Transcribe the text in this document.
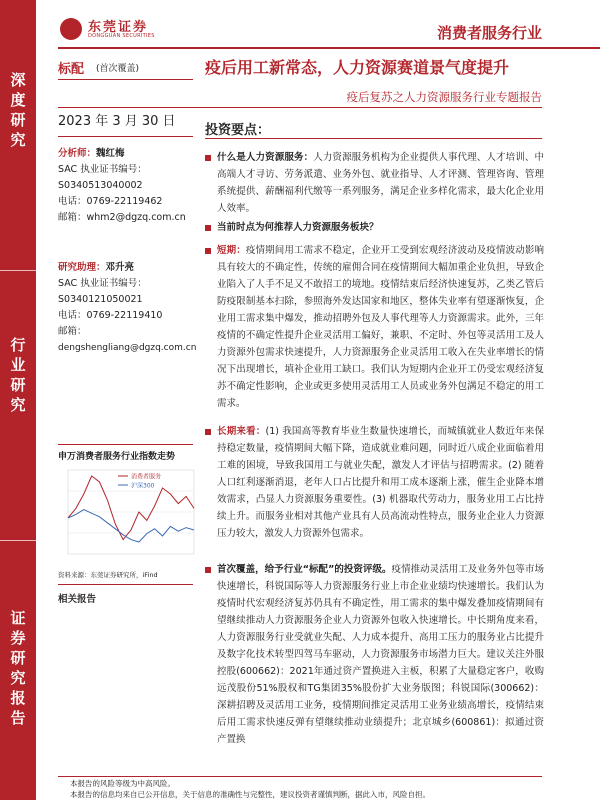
深
度
研
究
行
业
研
究
证
券
研
究
报
告
东莞证券
DONGGUAN SECURITIES	消费者服务行业
标配 (首次覆盖)	疫后用工新常态，人力资源赛道景气度提升
疫后复苏之人力资源服务行业专题报告
2023 年 3 月 30 日
分析师：魏红梅
SAC 执业证书编号：
S0340513040002
电话：0769-22119462
邮箱：whm2@dgzq.com.cn
研究助理：邓升亮
SAC 执业证书编号：
S0340121050021
电话：0769-22119410
邮箱：
dengshengliang@dgzq.com.cn
申万消费者服务行业指数走势
消费者服务
沪深300
资料来源：东莞证券研究所，iFind
相关报告
投资要点：
什么是人力资源服务：人力资源服务机构为企业提供人事代理、人才培训、中高端人才寻访、劳务派遣、业务外包、就业指导、人才评测、管理咨询、管理系统提供、薪酬福利代缴等一系列服务，满足企业多样化需求，最大化企业用人效率。
当前时点为何推荐人力资源服务板块？
短期：疫情期间用工需求不稳定，企业开工受到宏观经济波动及疫情波动影响具有较大的不确定性，传统的雇佣合同在疫情期间大幅加重企业负担，导致企业陷入了人手不足又不敢招工的境地。疫情结束后经济快速复苏，乙类乙管后防疫限制基本扫除，参照海外发达国家和地区，整体失业率有望逐渐恢复，企业用工需求集中爆发，推动招聘外包及人事代理等人力资源需求。此外，三年疫情的不确定性提升企业灵活用工偏好，兼职、不定时、外包等灵活用工及人力资源外包需求快速提升，人力资源服务企业灵活用工收入在失业率增长的情况下出现增长，填补企业用工缺口。我们认为短期内企业开工仍受宏观经济复苏不确定性影响，企业或更多使用灵活用工人员或业务外包满足不稳定的用工需求。
长期来看：(1) 我国高等教育毕业生数量快速增长，而城镇就业人数近年来保持稳定数量，疫情期间大幅下降，造成就业难问题，同时近八成企业面临着用工难的困境，导致我国用工与就业失配，激发人才评估与招聘需求。(2) 随着人口红利逐渐消退，老年人口占比提升和用工成本逐渐上涨，催生企业降本增效需求，凸显人力资源服务重要性。(3) 机器取代劳动力，服务业用工占比持续上升。而服务业相对其他产业具有人员高流动性特点，服务业企业人力资源压力较大，激发人力资源外包需求。
首次覆盖，给予行业“标配”的投资评级。疫情推动灵活用工及业务外包等市场快速增长，科锐国际等人力资源服务行业上市企业业绩均快速增长。我们认为疫情时代宏观经济复苏仍具有不确定性，用工需求的集中爆发叠加疫情期间有望继续推动人力资源服务企业人力资源外包收入快速增长。中长期角度来看，人力资源服务行业受就业失配、人力成本提升、高用工压力的服务业占比提升及数字化技术转型四驾马车驱动，人力资源服务市场潜力巨大。建议关注外服控股(600662)：2021年通过资产置换进入主板，积累了大量稳定客户，收购远茂股份51%股权和TG集团35%股份扩大业务版图；科锐国际(300662)：深耕招聘及灵活用工业务，疫情期间推定灵活用工业务业绩高增长，疫情结束后用工需求快速反弹有望继续推动业绩提升；北京城乡(600861)：拟通过资产置换
本报告的风险等级为中高风险。
本报告的信息均来自已公开信息，关于信息的准确性与完整性，建议投资者谨慎判断，据此入市，风险自担。
